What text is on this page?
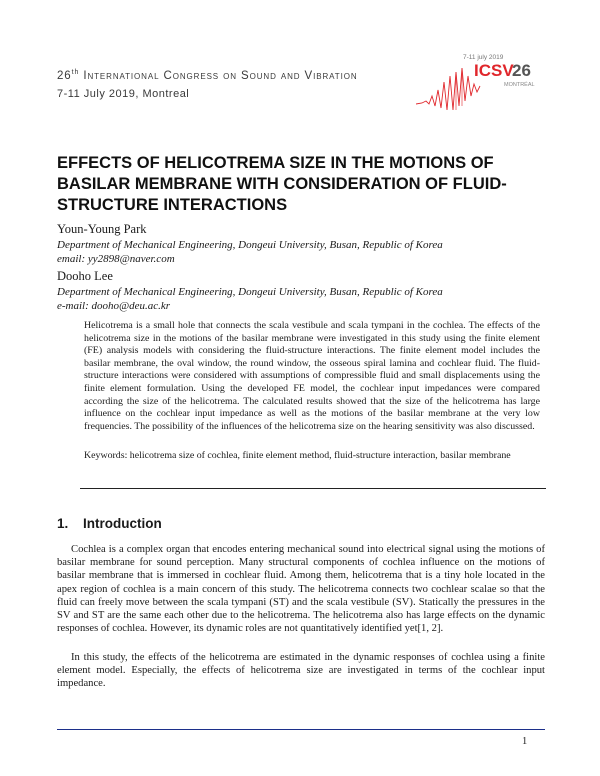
26th International Congress on Sound and Vibration
7-11 July 2019, Montreal
7-11 july 2019
ICSV
26
MONTRÉAL
EFFECTS OF HELICOTREMA SIZE IN THE MOTIONS OF BASILAR MEMBRANE WITH CONSIDERATION OF FLUID-STRUCTURE INTERACTIONS
Youn-Young Park
Department of Mechanical Engineering, Dongeui University, Busan, Republic of Korea
email: yy2898@naver.com
Dooho Lee
Department of Mechanical Engineering, Dongeui University, Busan, Republic of Korea
e-mail: dooho@deu.ac.kr
Helicotrema is a small hole that connects the scala vestibule and scala tympani in the cochlea. The effects of the helicotrema size in the motions of the basilar membrane were investigated in this study using the finite element (FE) analysis models with considering the fluid-structure interactions. The finite element model includes the basilar membrane, the oval window, the round window, the osseous spiral lamina and cochlear fluid. The fluid-structure interactions were considered with assumptions of compressible fluid and small displacements using the finite element formulation. Using the developed FE model, the cochlear input impedances were compared according the size of the helicotrema. The calculated results showed that the size of the helicotrema has large influence on the cochlear input impedance as well as the motions of the basilar membrane at the very low frequencies. The possibility of the influences of the helicotrema size on the hearing sensitivity was also discussed.
Keywords: helicotrema size of cochlea, finite element method, fluid-structure interaction, basilar membrane
1. Introduction
Cochlea is a complex organ that encodes entering mechanical sound into electrical signal using the motions of basilar membrane for sound perception. Many structural components of cochlea influence on the motions of basilar membrane that is immersed in cochlear fluid. Among them, helicotrema that is a tiny hole located in the apex region of cochlea is a main concern of this study. The helicotrema connects two cochlear scalae so that the fluid can freely move between the scala tympani (ST) and the scala vestibule (SV). Statically the pressures in the SV and ST are the same each other due to the helicotrema. The helicotrema also has large effects on the dynamic responses of cochlea. However, its dynamic roles are not quantitatively identified yet[1, 2].
In this study, the effects of the helicotrema are estimated in the dynamic responses of cochlea using a finite element model. Especially, the effects of helicotrema size are investigated in terms of the cochlear input impedance.
1
